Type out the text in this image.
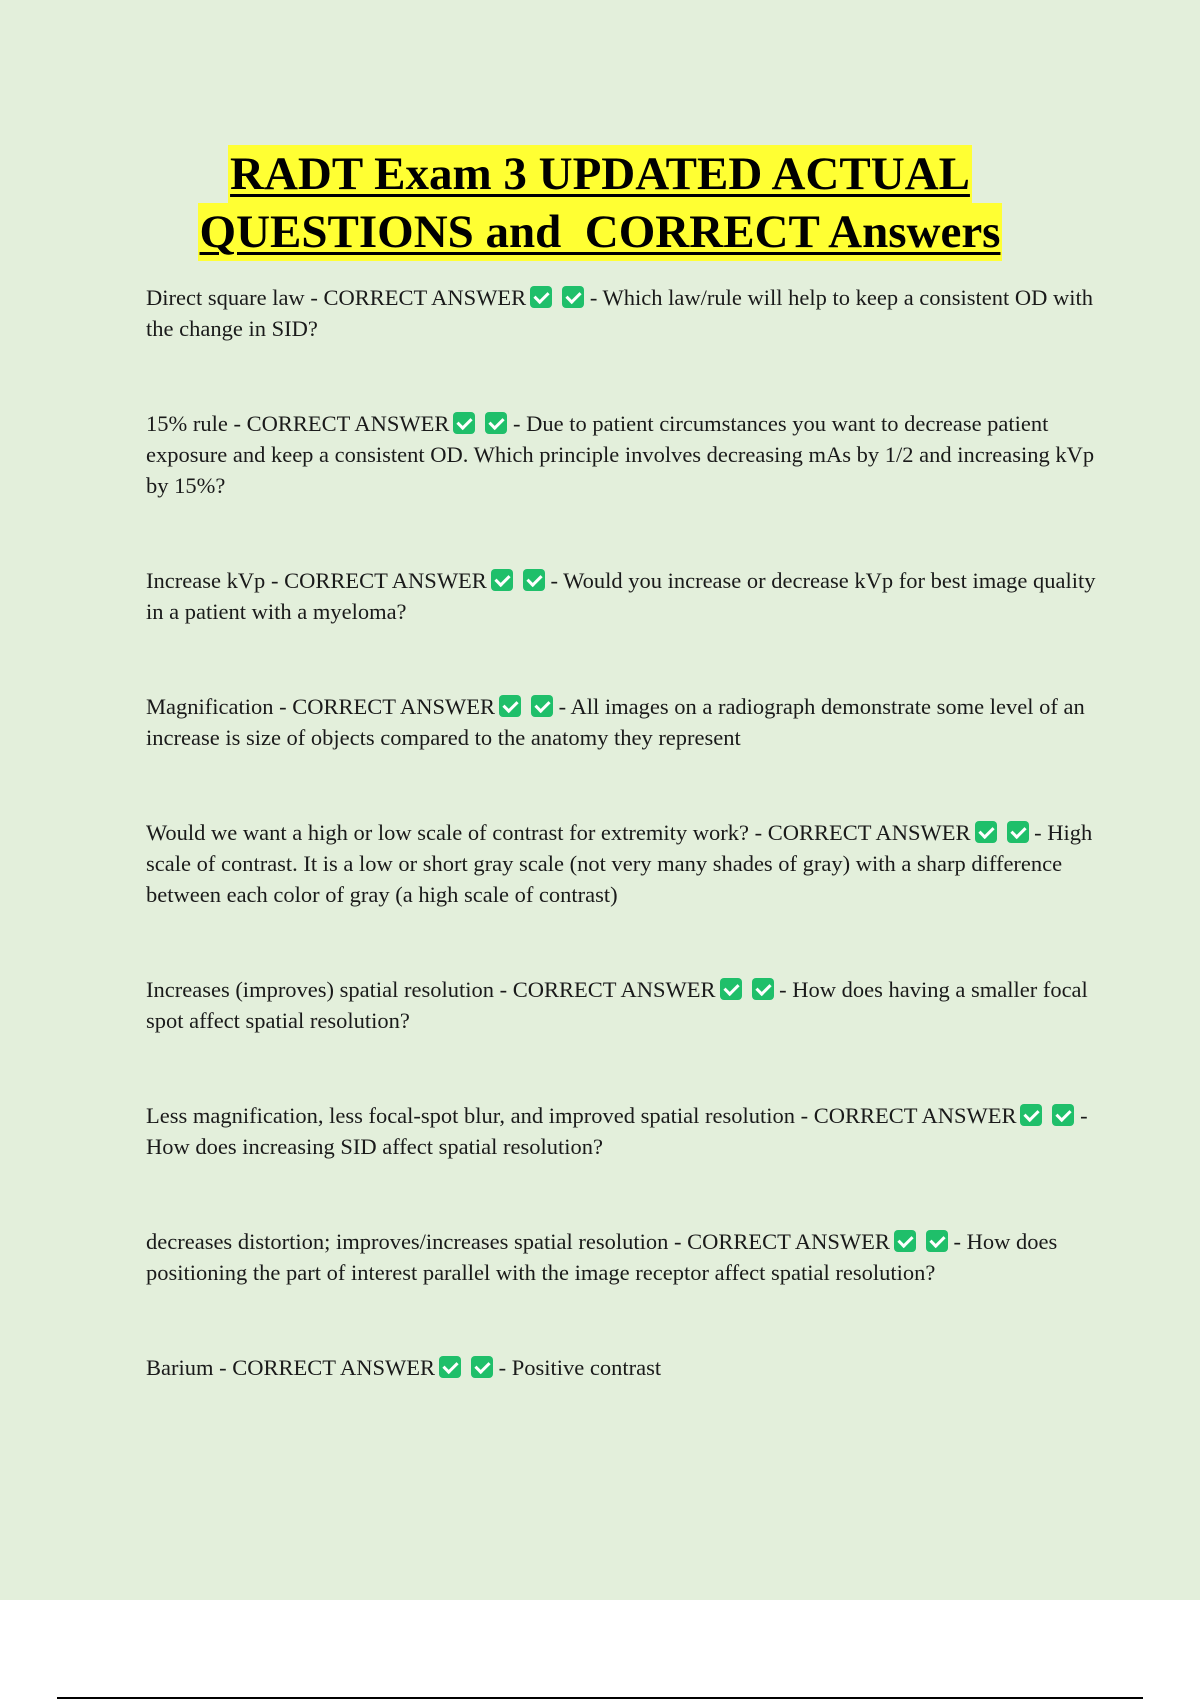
RADT Exam 3 UPDATED ACTUAL
QUESTIONS and  CORRECT Answers

Direct square law - CORRECT ANSWER	- Which law/rule will help to keep a consistent OD with the change in SID?

15% rule - CORRECT ANSWER	- Due to patient circumstances you want to decrease patient exposure and keep a consistent OD. Which principle involves decreasing mAs by 1/2 and increasing kVp by 15%?

Increase kVp - CORRECT ANSWER	- Would you increase or decrease kVp for best image quality in a patient with a myeloma?

Magnification - CORRECT ANSWER	- All images on a radiograph demonstrate some level of an increase is size of objects compared to the anatomy they represent

Would we want a high or low scale of contrast for extremity work? - CORRECT ANSWER	- High scale of contrast. It is a low or short gray scale (not very many shades of gray) with a sharp difference between each color of gray (a high scale of contrast)

Increases (improves) spatial resolution - CORRECT ANSWER	- How does having a smaller focal spot affect spatial resolution?

Less magnification, less focal-spot blur, and improved spatial resolution - CORRECT ANSWER	- How does increasing SID affect spatial resolution?

decreases distortion; improves/increases spatial resolution - CORRECT ANSWER	- How does positioning the part of interest parallel with the image receptor affect spatial resolution?

Barium - CORRECT ANSWER	- Positive contrast
